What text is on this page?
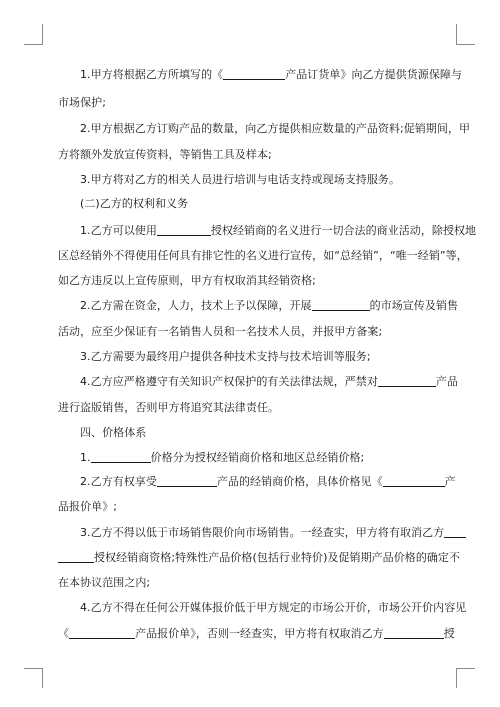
1.甲方将根据乙方所填写的《	产品订货单》向乙方提供货源保障与
市场保护;
2.甲方根据乙方订购产品的数量，向乙方提供相应数量的产品资料;促销期间，甲
方将额外发放宣传资料，等销售工具及样本;
3.甲方将对乙方的相关人员进行培训与电话支持或现场支持服务。
(二)乙方的权利和义务
1.乙方可以使用	授权经销商的名义进行一切合法的商业活动，除授权地
区总经销外不得使用任何具有排它性的名义进行宣传，如“总经销”，“唯一经销”等，
如乙方违反以上宣传原则，甲方有权取消其经销资格;
2.乙方需在资金，人力，技术上予以保障，开展	的市场宣传及销售
活动，应至少保证有一名销售人员和一名技术人员，并报甲方备案;
3.乙方需要为最终用户提供各种技术支持与技术培训等服务;
4.乙方应严格遵守有关知识产权保护的有关法律法规，严禁对	产品
进行盗版销售，否则甲方将追究其法律责任。
四、价格体系
1.	价格分为授权经销商价格和地区总经销价格;
2.乙方有权享受	产品的经销商价格，具体价格见《	产
品报价单》;
3.乙方不得以低于市场销售限价向市场销售。一经查实，甲方将有取消乙方
授权经销商资格;特殊性产品价格(包括行业特价)及促销期产品价格的确定不
在本协议范围之内;
4.乙方不得在任何公开媒体报价低于甲方规定的市场公开价，市场公开价内容见
《	产品报价单》，否则一经查实，甲方将有权取消乙方	授
